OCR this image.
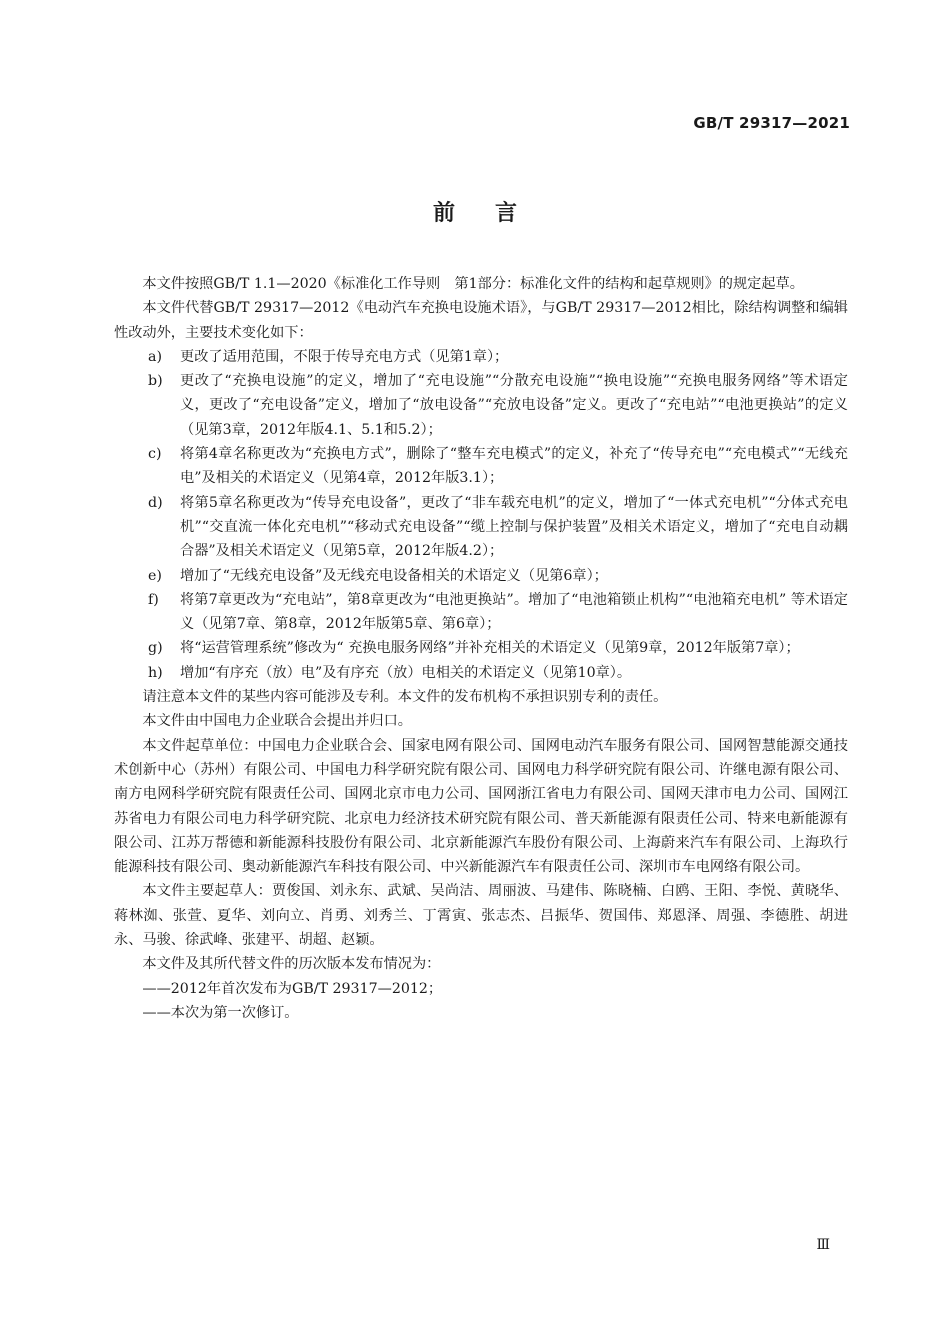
GB/T 29317—2021
前言

本文件按照GB/T 1.1—2020《标准化工作导则　第1部分：标准化文件的结构和起草规则》的规定起草。

本文件代替GB/T 29317—2012《电动汽车充换电设施术语》，与GB/T 29317—2012相比，除结构调整和编辑性改动外，主要技术变化如下：

a) 更改了适用范围，不限于传导充电方式（见第1章）；

b) 更改了“充换电设施”的定义，增加了“充电设施”“分散充电设施”“换电设施”“充换电服务网络”等术语定义，更改了“充电设备”定义，增加了“放电设备”“充放电设备”定义。更改了“充电站”“电池更换站”的定义（见第3章，2012年版4.1、5.1和5.2）；

c) 将第4章名称更改为“充换电方式”，删除了“整车充电模式”的定义，补充了“传导充电”“充电模式”“无线充电”及相关的术语定义（见第4章，2012年版3.1）；

d) 将第5章名称更改为“传导充电设备”，更改了“非车载充电机”的定义，增加了“一体式充电机”“分体式充电机”“交直流一体化充电机”“移动式充电设备”“缆上控制与保护装置”及相关术语定义，增加了“充电自动耦合器”及相关术语定义（见第5章，2012年版4.2）；

e) 增加了“无线充电设备”及无线充电设备相关的术语定义（见第6章）；

f) 将第7章更改为“充电站”，第8章更改为“电池更换站”。增加了“电池箱锁止机构”“电池箱充电机” 等术语定义（见第7章、第8章，2012年版第5章、第6章）；

g) 将“运营管理系统”修改为“ 充换电服务网络”并补充相关的术语定义（见第9章，2012年版第7章）；

h) 增加“有序充（放）电”及有序充（放）电相关的术语定义（见第10章）。

请注意本文件的某些内容可能涉及专利。本文件的发布机构不承担识别专利的责任。

本文件由中国电力企业联合会提出并归口。

本文件起草单位：中国电力企业联合会、国家电网有限公司、国网电动汽车服务有限公司、国网智慧能源交通技术创新中心（苏州）有限公司、中国电力科学研究院有限公司、国网电力科学研究院有限公司、许继电源有限公司、南方电网科学研究院有限责任公司、国网北京市电力公司、国网浙江省电力有限公司、国网天津市电力公司、国网江苏省电力有限公司电力科学研究院、北京电力经济技术研究院有限公司、普天新能源有限责任公司、特来电新能源有限公司、江苏万帮德和新能源科技股份有限公司、北京新能源汽车股份有限公司、上海蔚来汽车有限公司、上海玖行能源科技有限公司、奥动新能源汽车科技有限公司、中兴新能源汽车有限责任公司、深圳市车电网络有限公司。

本文件主要起草人：贾俊国、刘永东、武斌、吴尚洁、周丽波、马建伟、陈晓楠、白鸥、王阳、李悦、黄晓华、蒋林洳、张萱、夏华、刘向立、肖勇、刘秀兰、丁霄寅、张志杰、吕振华、贺国伟、郑恩泽、周强、李德胜、胡进永、马骏、徐武峰、张建平、胡超、赵颖。

本文件及其所代替文件的历次版本发布情况为：

——2012年首次发布为GB/T 29317—2012；

——本次为第一次修订。

Ⅲ
